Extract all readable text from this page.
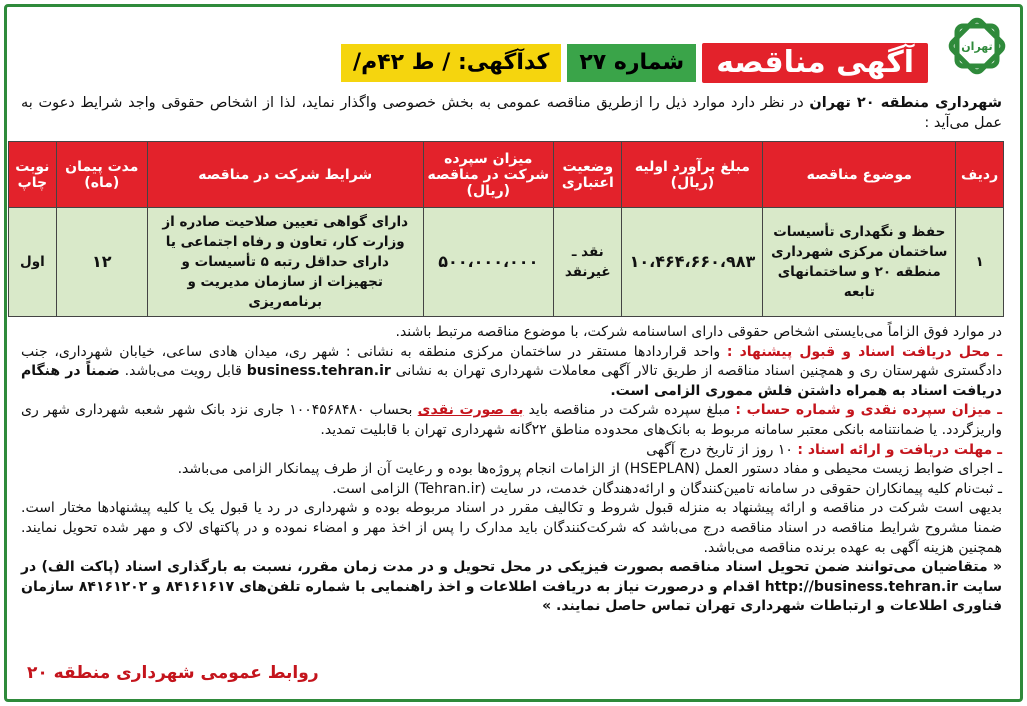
تهران
آگهی مناقصه
شماره ۲۷
کدآگهی: / ط ۴۲م/
شهرداری منطقه ۲۰ تهران در نظر دارد موارد ذیل را ازطریق مناقصه عمومی به بخش خصوصی واگذار نماید، لذا از اشخاص حقوقی واجد شرایط دعوت به عمل می‌آید :
ردیف	موضوع مناقصه	مبلغ برآورد اولیه (ریال)	وضعیت اعتباری	میزان سپرده شرکت در مناقصه (ریال)	شرایط شرکت در مناقصه	مدت پیمان (ماه)	نوبت چاپ
۱	حفظ و نگهداری تأسیسات ساختمان مرکزی شهرداری منطقه ۲۰ و ساختمانهای تابعه	۱۰،۴۶۴،۶۶۰،۹۸۳	نقد ـ غیرنقد	۵۰۰،۰۰۰،۰۰۰	دارای گواهی تعیین صلاحیت صادره از وزارت کار، تعاون و رفاه اجتماعی یا دارای حداقل رتبه ۵ تأسیسات و تجهیزات از سازمان مدیریت و برنامه‌ریزی	۱۲	اول

در موارد فوق الزاماً می‌بایستی اشخاص حقوقی دارای اساسنامه شرکت، با موضوع مناقصه مرتبط باشند.

ـ محل دریافت اسناد و قبول پیشنهاد : واحد قراردادها مستقر در ساختمان مرکزی منطقه به نشانی : شهر ری، میدان هادی ساعی، خیابان شهرداری، جنب دادگستری شهرستان ری و همچنین اسناد مناقصه از طریق تالار آگهی معاملات شهرداری تهران به نشانی business.tehran.ir قابل رویت می‌باشد. ضمناً در هنگام دریافت اسناد به همراه داشتن فلش مموری الزامی است.

ـ میزان سپرده نقدی و شماره حساب : مبلغ سپرده شرکت در مناقصه باید به صورت نقدی بحساب ۱۰۰۴۵۶۸۴۸۰ جاری نزد بانک شهر شعبه شهرداری شهر ری واریزگردد. یا ضمانتنامه بانکی معتبر سامانه مربوط به بانک‌های محدوده مناطق ۲۲گانه شهرداری تهران با قابلیت تمدید.

ـ مهلت دریافت و ارائه اسناد : ۱۰ روز از تاریخ درج آگهی

ـ اجرای ضوابط زیست محیطی و مفاد دستور العمل (HSEPLAN) از الزامات انجام پروژه‌ها بوده و رعایت آن از طرف پیمانکار الزامی می‌باشد.

ـ ثبت‌نام کلیه پیمانکاران حقوقی در سامانه تامین‌کنندگان و ارائه‌دهندگان خدمت، در سایت (Tehran.ir) الزامی است.

بدیهی است شرکت در مناقصه و ارائه پیشنهاد به منزله قبول شروط و تکالیف مقرر در اسناد مربوطه بوده و شهرداری در رد یا قبول یک یا کلیه پیشنهادها مختار است. ضمنا مشروح شرایط مناقصه در اسناد مناقصه درج می‌باشد که شرکت‌کنندگان باید مدارک را پس از اخذ مهر و امضاء نموده و در پاکتهای لاک و مهر شده تحویل نمایند. همچنین هزینه آگهی به عهده برنده مناقصه می‌باشد.

« متقاضیان می‌توانند ضمن تحویل اسناد مناقصه بصورت فیزیکی در محل تحویل و در مدت زمان مقرر، نسبت به بارگذاری اسناد (پاکت الف) در سایت http://business.tehran.ir اقدام و درصورت نیاز به دریافت اطلاعات و اخذ راهنمایی با شماره تلفن‌های ۸۴۱۶۱۶۱۷ و ۸۴۱۶۱۲۰۲ سازمان فناوری اطلاعات و ارتباطات شهرداری تهران تماس حاصل نمایند. »

روابط عمومی شهرداری منطقه ۲۰
